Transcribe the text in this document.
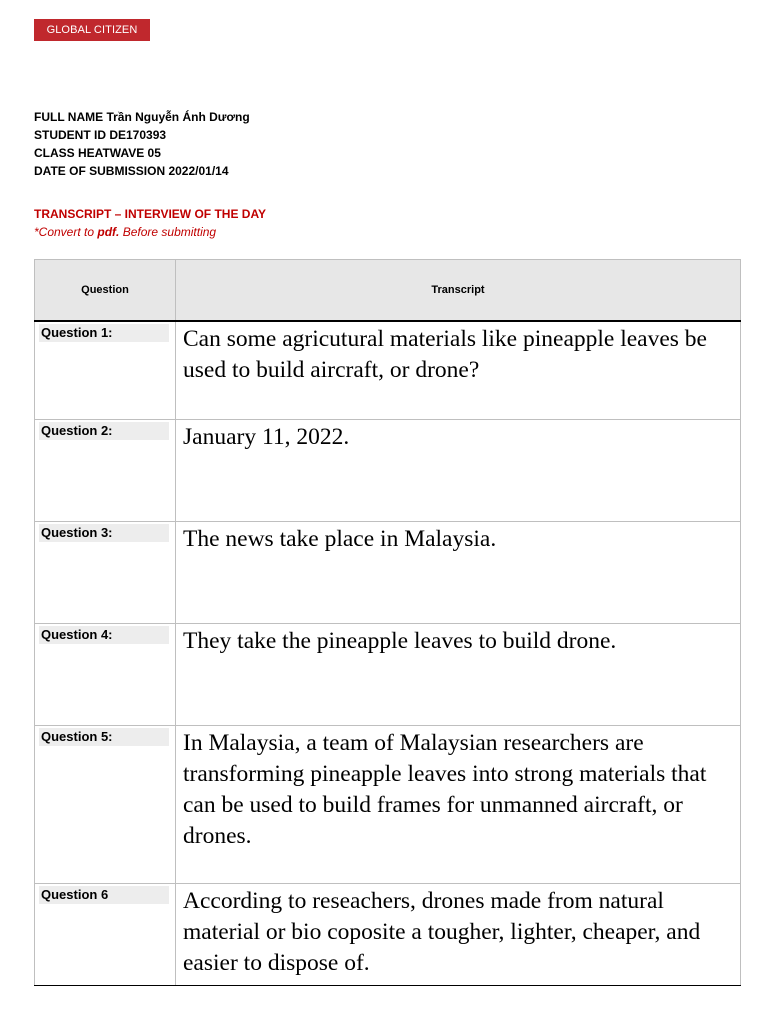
GLOBAL CITIZEN
FULL NAME Trần Nguyễn Ánh Dương
STUDENT ID DE170393
CLASS HEATWAVE 05
DATE OF SUBMISSION 2022/01/14
TRANSCRIPT – INTERVIEW OF THE DAY
*Convert to pdf. Before submitting
Question	Transcript

Question 1:	Can some agricutural materials like pineapple leaves be used to build aircraft, or drone?

Question 2:	January 11, 2022.

Question 3:	The news take place in Malaysia.

Question 4:	They take the pineapple leaves to build drone.

Question 5:	In Malaysia, a team of Malaysian researchers are transforming pineapple leaves into strong materials that can be used to build frames for unmanned aircraft, or drones.

Question 6	According to reseachers, drones made from natural material or bio coposite a tougher, lighter, cheaper, and easier to dispose of.
